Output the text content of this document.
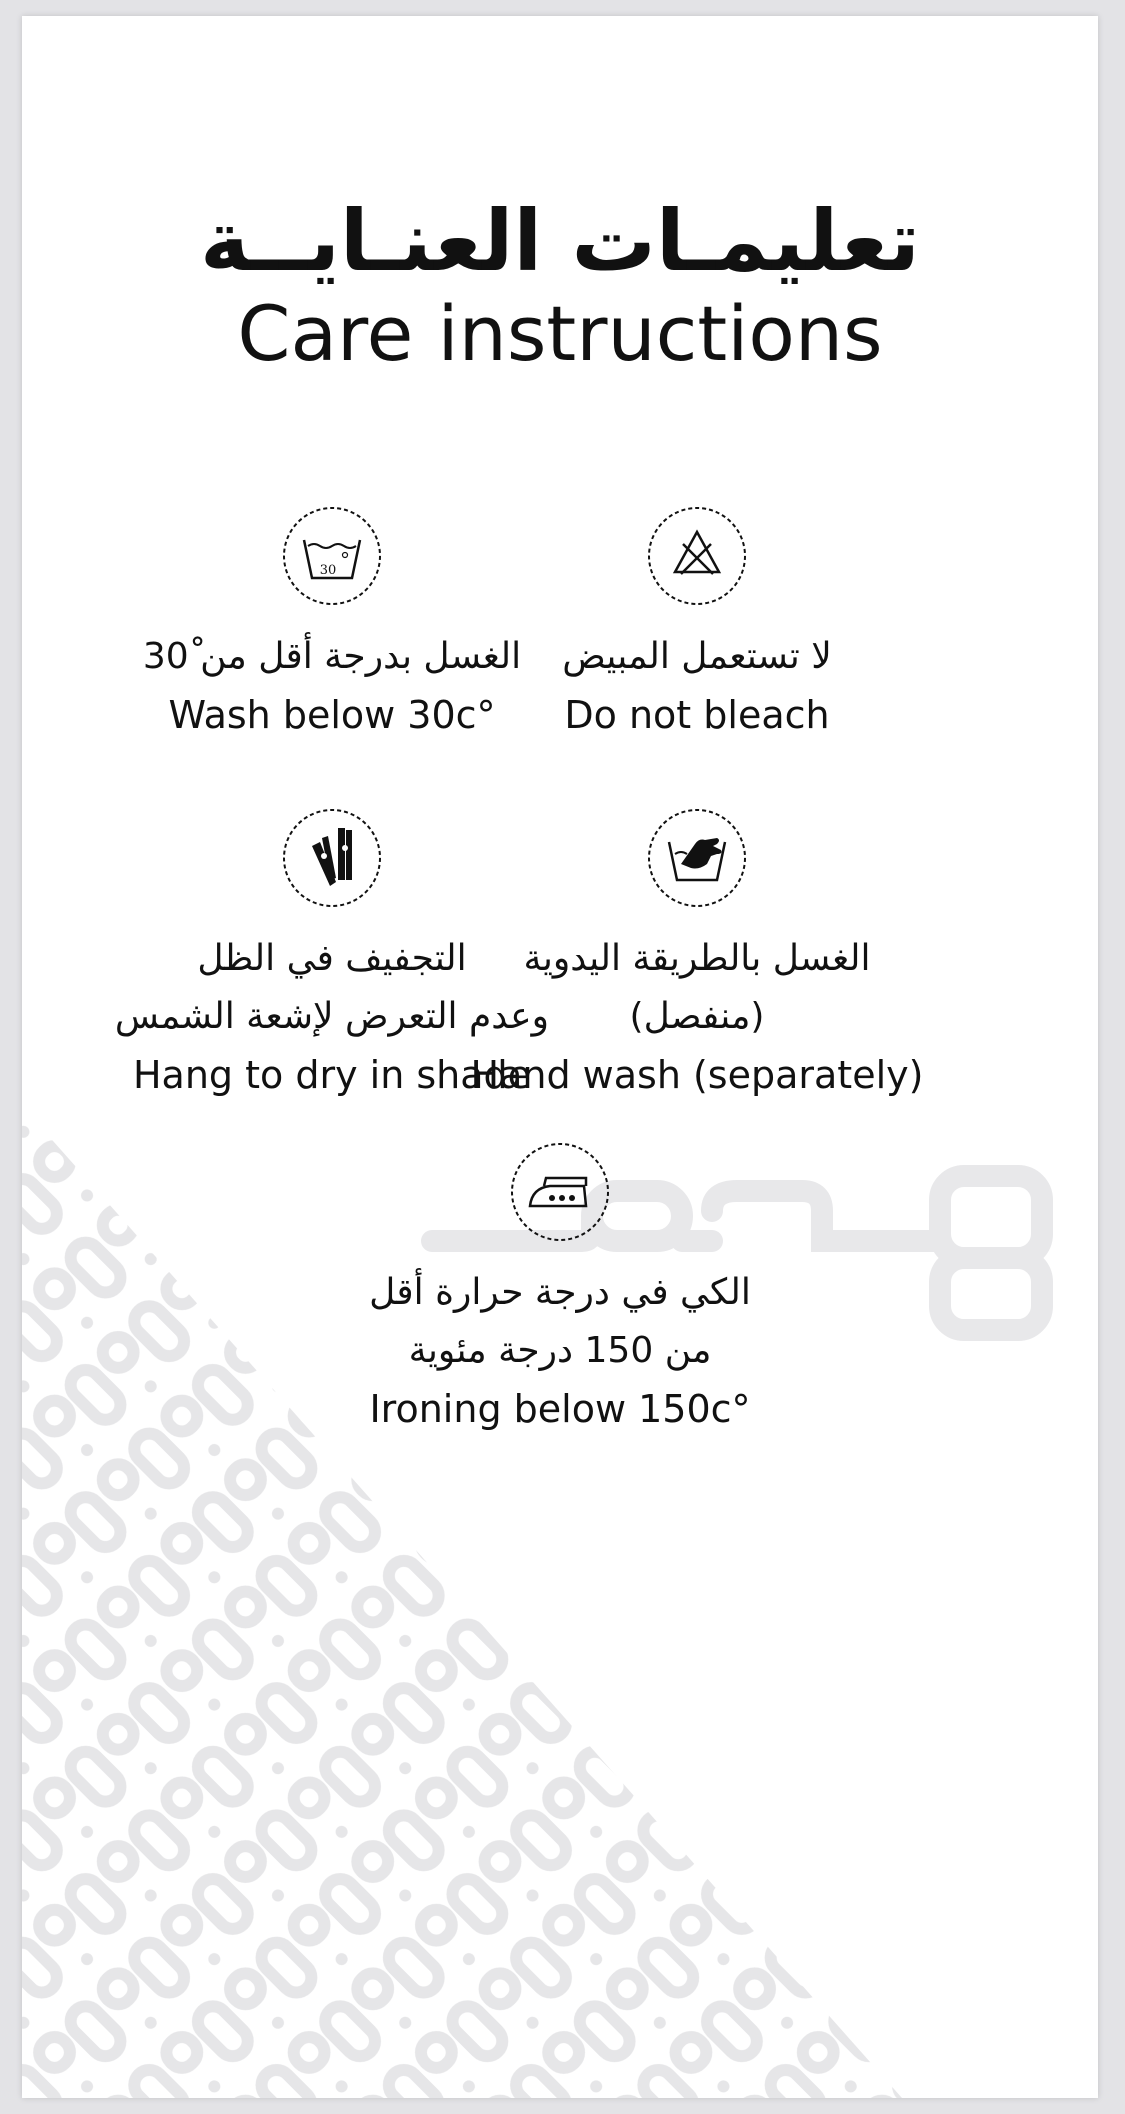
تعليمـات العنـايــة
Care instructions
لا تستعمل المبيض
Do not bleach
30
الغسل بدرجة أقل من 30ْ
Wash below 30c°
الغسل بالطريقة اليدوية
(منفصل)
Hand wash (separately)
التجفيف في الظل
وعدم التعرض لإشعة الشمس
Hang to dry in shade
الكي في درجة حرارة أقل
من 150 درجة مئوية
Ironing below 150c°
